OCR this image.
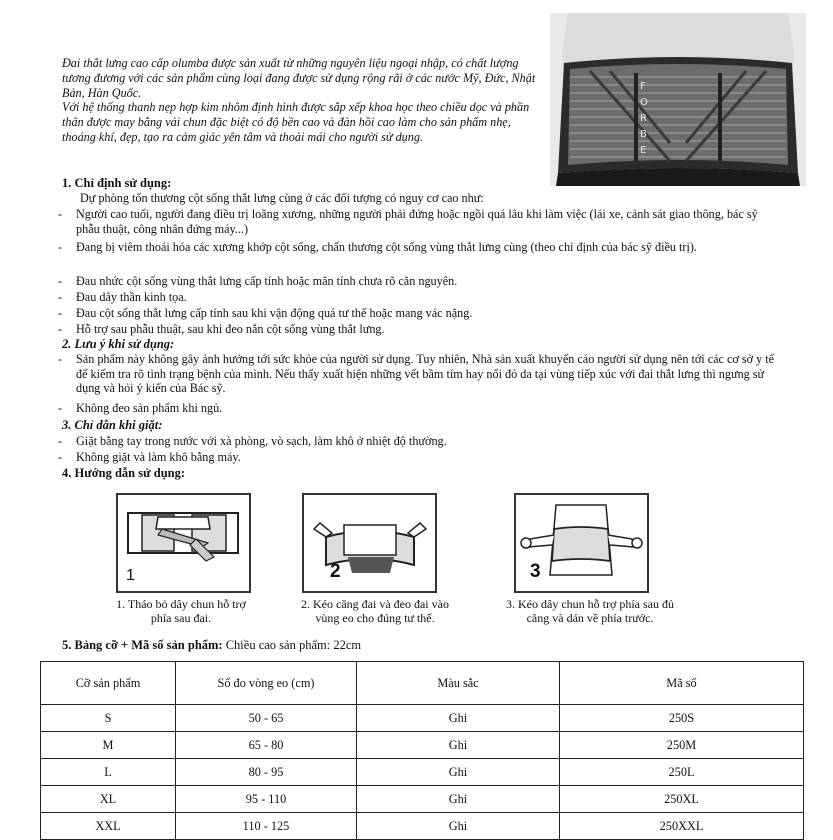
Đai thắt lưng cao cấp olumba được sản xuất từ những nguyên liệu ngoại nhập, có chất lượng tương đương với các sản phẩm cùng loại đang được sử dụng rộng rãi ở các nước Mỹ, Đức, Nhật Bản, Hàn Quốc.

Với hệ thống thanh nẹp hợp kim nhôm định hình được sắp xếp khoa học theo chiều dọc và phần thân được may bằng vải chun đặc biệt có độ bền cao và đàn hồi cao làm cho sản phẩm nhẹ, thoáng khí, đẹp, tạo ra cảm giác yên tâm và thoải mái cho người sử dụng.

F
O
R
B
E
1. Chỉ định sử dụng:
Dự phòng tổn thương cột sống thắt lưng cùng ở các đối tượng có nguy cơ cao như:
-	Người cao tuổi, người đang điều trị loãng xương, những người phải đứng hoặc ngồi quá lâu khi làm việc (lái xe, cảnh sát giao thông, bác sỹ phẫu thuật, công nhân đứng máy...)
-	Đang bị viêm thoái hóa các xương khớp cột sống, chấn thương cột sống vùng thắt lưng cùng (theo chỉ định của bác sỹ điều trị).
-	Đau nhức cột sống vùng thắt lưng cấp tính hoặc mãn tính chưa rõ căn nguyên.
-	Đau dây thần kinh tọa.
-	Đau cột sống thắt lưng cấp tính sau khi vận động quá tư thế hoặc mang vác nặng.
-	Hỗ trợ sau phẫu thuật, sau khi đeo nắn cột sống vùng thắt lưng.
2. Lưu ý khi sử dụng:
-	Sản phẩm này không gây ảnh hưởng tới sức khỏe của người sử dụng. Tuy nhiên, Nhà sản xuất khuyến cáo người sử dụng nên tới các cơ sở y tế để kiểm tra rõ tình trạng bệnh của mình. Nếu thấy xuất hiện những vết bầm tím hay nổi đỏ da tại vùng tiếp xúc với đai thắt lưng thì ngưng sử dụng và hỏi ý kiến của Bác sỹ.
-	Không đeo sản phẩm khi ngủ.
3. Chỉ dẫn khi giặt:
-	Giặt bằng tay trong nước với xà phòng, vò sạch, làm khô ở nhiệt độ thường.
-	Không giặt và làm khô bằng máy.
4. Hướng dẫn sử dụng:
1	2	3
1. Tháo bỏ dây chun hỗ trợ
phía sau đai.
2. Kéo căng đai và đeo đai vào
vùng eo cho đúng tư thế.
3. Kéo dây chun hỗ trợ phía sau đủ
căng và dán về phía trước.
5. Bảng cỡ + Mã số sản phẩm: Chiều cao sản phẩm: 22cm
Cỡ sản phẩm	Số đo vòng eo (cm)	Màu sắc	Mã số
S	50 - 65	Ghi	250S
M	65 - 80	Ghi	250M
L	80 - 95	Ghi	250L
XL	95 - 110	Ghi	250XL
XXL	110 - 125	Ghi	250XXL
